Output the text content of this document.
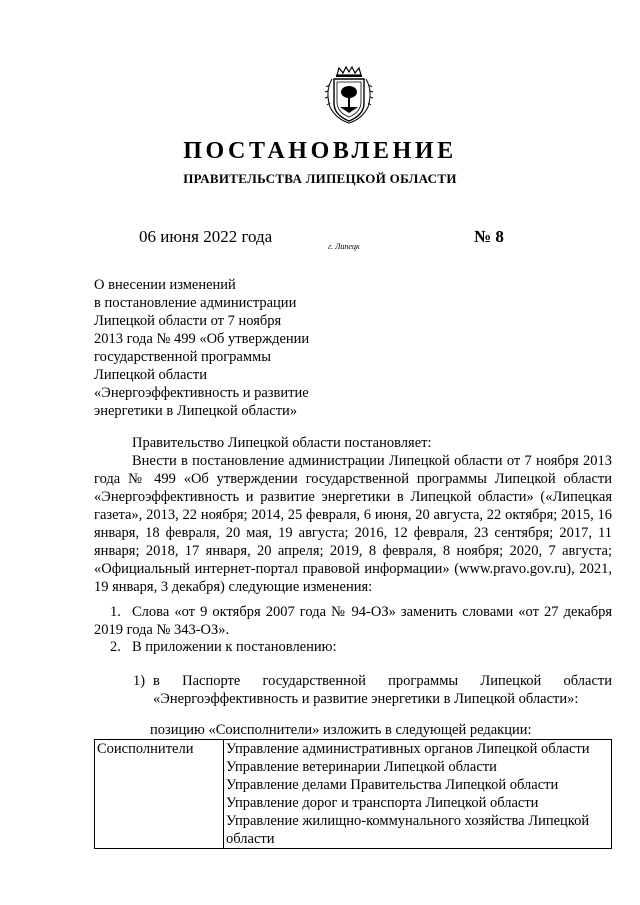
ПОСТАНОВЛЕНИЕ
ПРАВИТЕЛЬСТВА ЛИПЕЦКОЙ ОБЛАСТИ
06 июня 2022 года
г. Липецк
№ 8
О внесении изменений
в постановление администрации
Липецкой области от 7 ноября
2013 года № 499 «Об утверждении
государственной программы
Липецкой области
«Энергоэффективность и развитие
энергетики в Липецкой области»
Правительство Липецкой области постановляет:
Внести в постановление администрации Липецкой области от 7 ноября 2013 года № 499 «Об утверждении государственной программы Липецкой области «Энергоэффективность и развитие энергетики в Липецкой области» («Липецкая газета», 2013, 22 ноября; 2014, 25 февраля, 6 июня, 20 августа, 22 октября; 2015, 16 января, 18 февраля, 20 мая, 19 августа; 2016, 12 февраля, 23 сентября; 2017, 11 января; 2018, 17 января, 20 апреля; 2019, 8 февраля, 8 ноября; 2020, 7 августа; «Официальный интернет-портал правовой информации» (www.pravo.gov.ru), 2021, 19 января, 3 декабря) следующие изменения:
1. Слова «от 9 октября 2007 года № 94-ОЗ» заменить словами «от 27 декабря 2019 года № 343-ОЗ».
2. В приложении к постановлению:
1) в Паспорте государственной программы Липецкой области «Энергоэффективность и развитие энергетики в Липецкой области»:
позицию «Соисполнители» изложить в следующей редакции:
Соисполнители	Управление административных органов Липецкой области
Управление ветеринарии Липецкой области
Управление делами Правительства Липецкой области
Управление дорог и транспорта Липецкой области
Управление жилищно-коммунального хозяйства Липецкой области
